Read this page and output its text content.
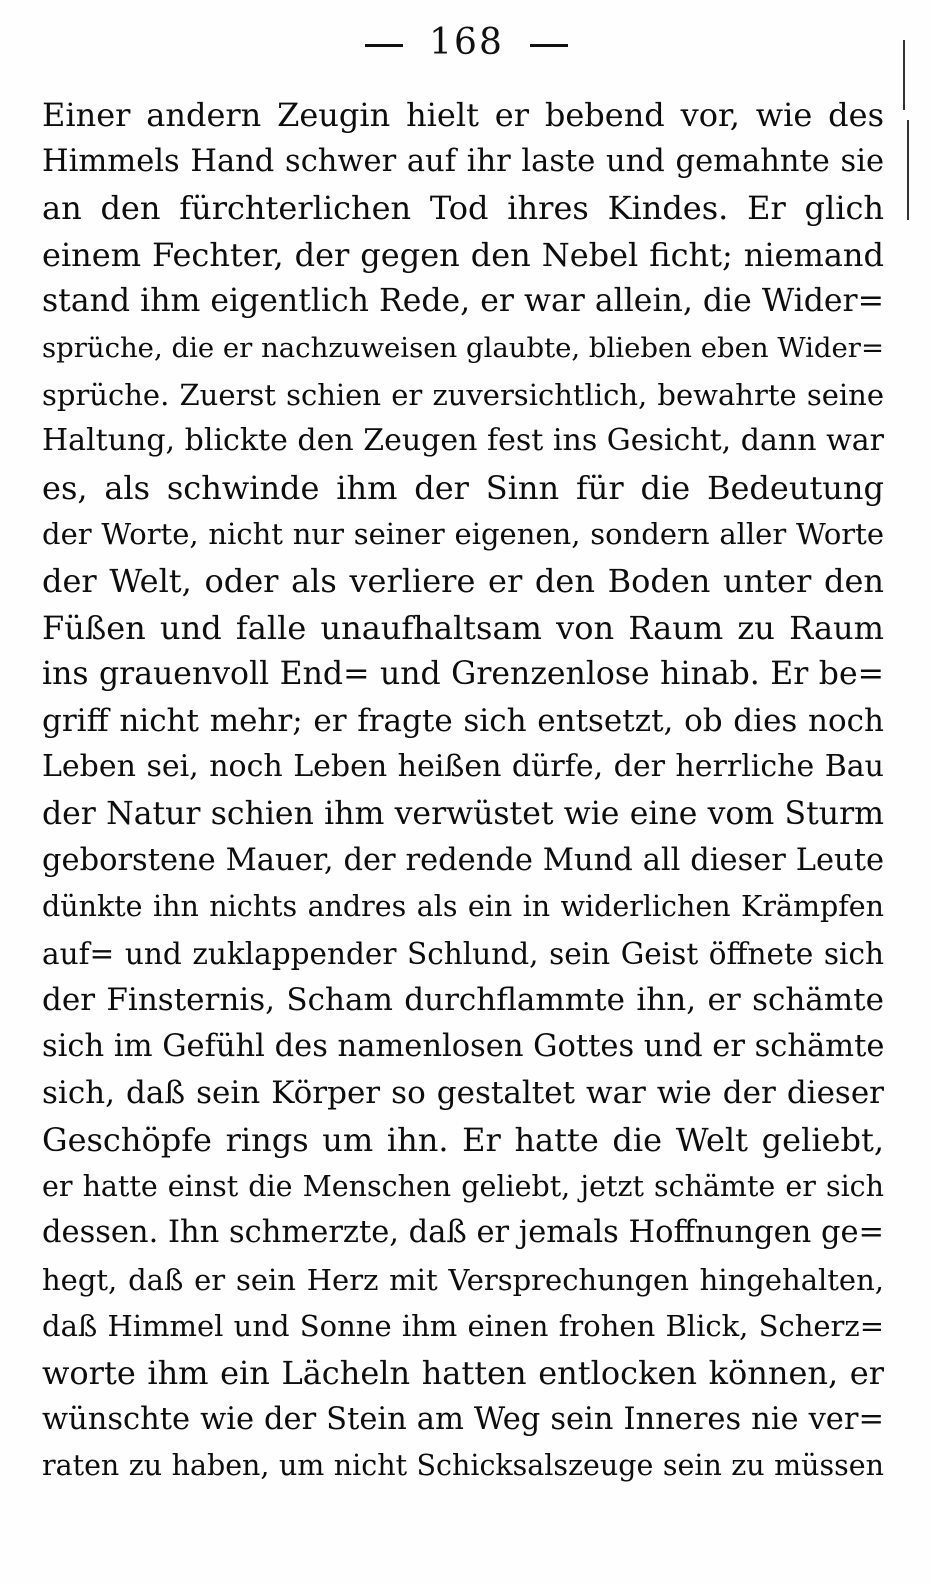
168
Einer andern Zeugin hielt er bebend vor, wie des
Himmels Hand schwer auf ihr laste und gemahnte sie
an den fürchterlichen Tod ihres Kindes. Er glich
einem Fechter, der gegen den Nebel ficht; niemand
stand ihm eigentlich Rede, er war allein, die Wider=
sprüche, die er nachzuweisen glaubte, blieben eben Wider=
sprüche. Zuerst schien er zuversichtlich, bewahrte seine
Haltung, blickte den Zeugen fest ins Gesicht, dann war
es, als schwinde ihm der Sinn für die Bedeutung
der Worte, nicht nur seiner eigenen, sondern aller Worte
der Welt, oder als verliere er den Boden unter den
Füßen und falle unaufhaltsam von Raum zu Raum
ins grauenvoll End= und Grenzenlose hinab. Er be=
griff nicht mehr; er fragte sich entsetzt, ob dies noch
Leben sei, noch Leben heißen dürfe, der herrliche Bau
der Natur schien ihm verwüstet wie eine vom Sturm
geborstene Mauer, der redende Mund all dieser Leute
dünkte ihn nichts andres als ein in widerlichen Krämpfen
auf= und zuklappender Schlund, sein Geist öffnete sich
der Finsternis, Scham durchflammte ihn, er schämte
sich im Gefühl des namenlosen Gottes und er schämte
sich, daß sein Körper so gestaltet war wie der dieser
Geschöpfe rings um ihn. Er hatte die Welt geliebt,
er hatte einst die Menschen geliebt, jetzt schämte er sich
dessen. Ihn schmerzte, daß er jemals Hoffnungen ge=
hegt, daß er sein Herz mit Versprechungen hingehalten,
daß Himmel und Sonne ihm einen frohen Blick, Scherz=
worte ihm ein Lächeln hatten entlocken können, er
wünschte wie der Stein am Weg sein Inneres nie ver=
raten zu haben, um nicht Schicksalszeuge sein zu müssen
